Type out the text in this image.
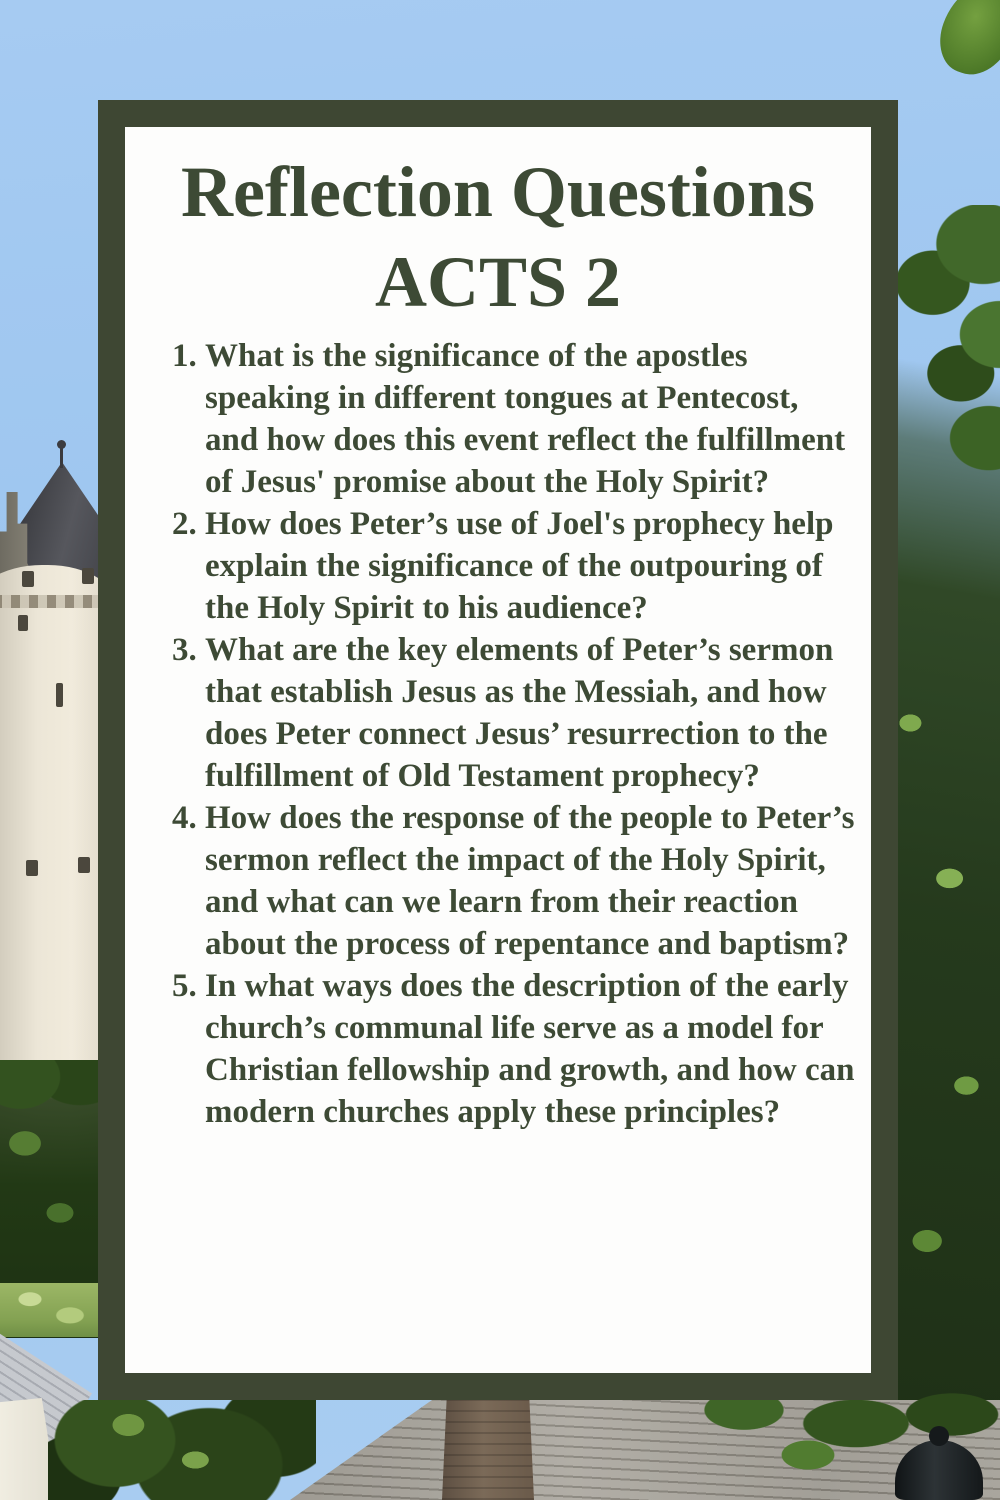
Reflection Questions
ACTS 2
1. What is the significance of the apostles speaking in different tongues at Pentecost, and how does this event reflect the fulfillment of Jesus' promise about the Holy Spirit?
2. How does Peter’s use of Joel's prophecy help explain the significance of the outpouring of the Holy Spirit to his audience?
3. What are the key elements of Peter’s sermon that establish Jesus as the Messiah, and how does Peter connect Jesus’ resurrection to the fulfillment of Old Testament prophecy?
4. How does the response of the people to Peter’s sermon reflect the impact of the Holy Spirit, and what can we learn from their reaction about the process of repentance and baptism?
5. In what ways does the description of the early church’s communal life serve as a model for Christian fellowship and growth, and how can modern churches apply these principles?
